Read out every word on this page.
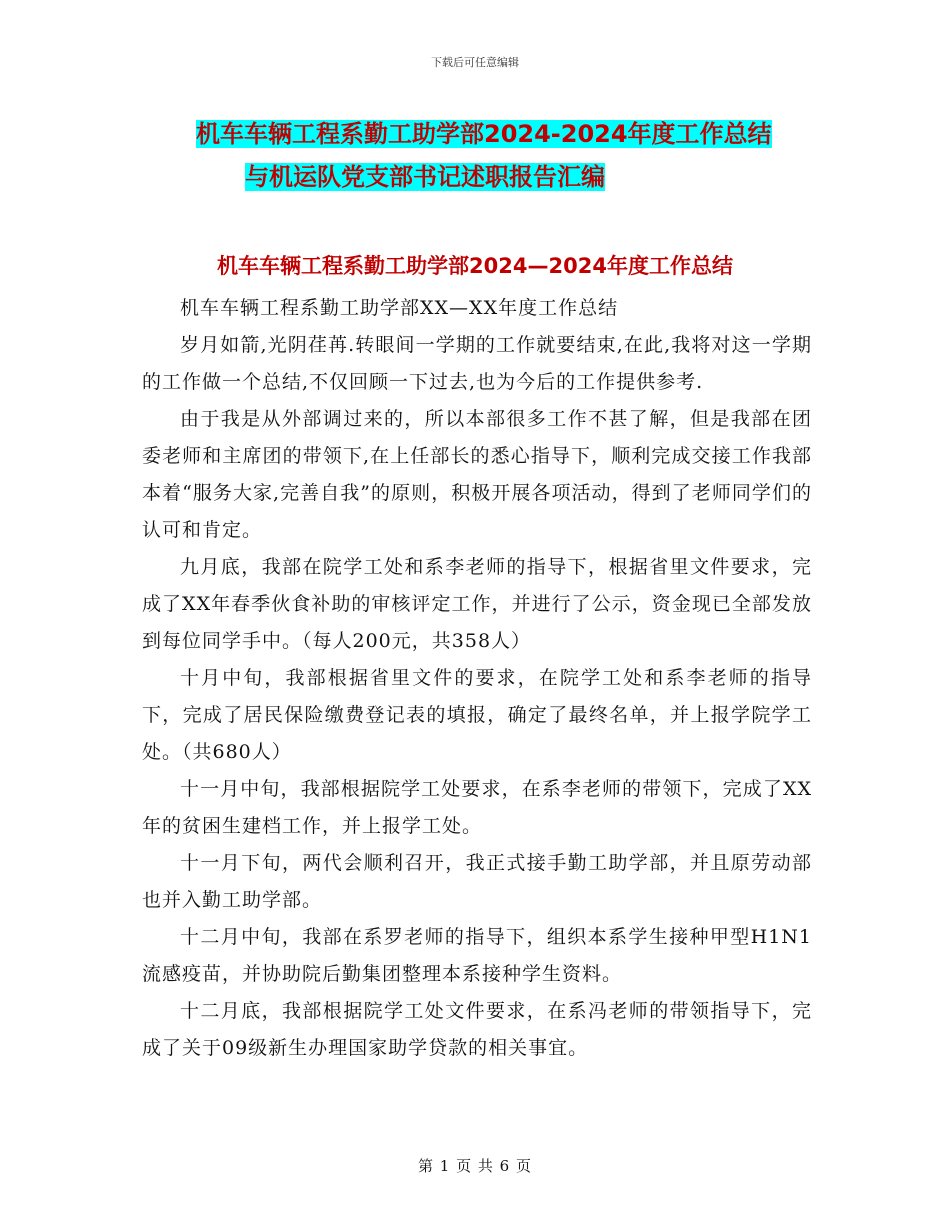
下载后可任意编辑
机车车辆工程系勤工助学部2024-2024年度工作总结
与机运队党支部书记述职报告汇编
机车车辆工程系勤工助学部2024—2024年度工作总结

机车车辆工程系勤工助学部XX—XX年度工作总结

岁月如箭,光阴荏苒.转眼间一学期的工作就要结束,在此,我将对这一学期的工作做一个总结,不仅回顾一下过去,也为今后的工作提供参考.

由于我是从外部调过来的，所以本部很多工作不甚了解，但是我部在团委老师和主席团的带领下,在上任部长的悉心指导下，顺利完成交接工作我部本着“服务大家,完善自我”的原则，积极开展各项活动，得到了老师同学们的认可和肯定。

九月底，我部在院学工处和系李老师的指导下，根据省里文件要求，完成了XX年春季伙食补助的审核评定工作，并进行了公示，资金现已全部发放到每位同学手中。（每人200元，共358人）

十月中旬，我部根据省里文件的要求，在院学工处和系李老师的指导下，完成了居民保险缴费登记表的填报，确定了最终名单，并上报学院学工处。（共680人）

十一月中旬，我部根据院学工处要求，在系李老师的带领下，完成了XX年的贫困生建档工作，并上报学工处。

十一月下旬，两代会顺利召开，我正式接手勤工助学部，并且原劳动部也并入勤工助学部。

十二月中旬，我部在系罗老师的指导下，组织本系学生接种甲型H1N1流感疫苗，并协助院后勤集团整理本系接种学生资料。

十二月底，我部根据院学工处文件要求，在系冯老师的带领指导下，完成了关于09级新生办理国家助学贷款的相关事宜。

第 1 页 共 6 页
